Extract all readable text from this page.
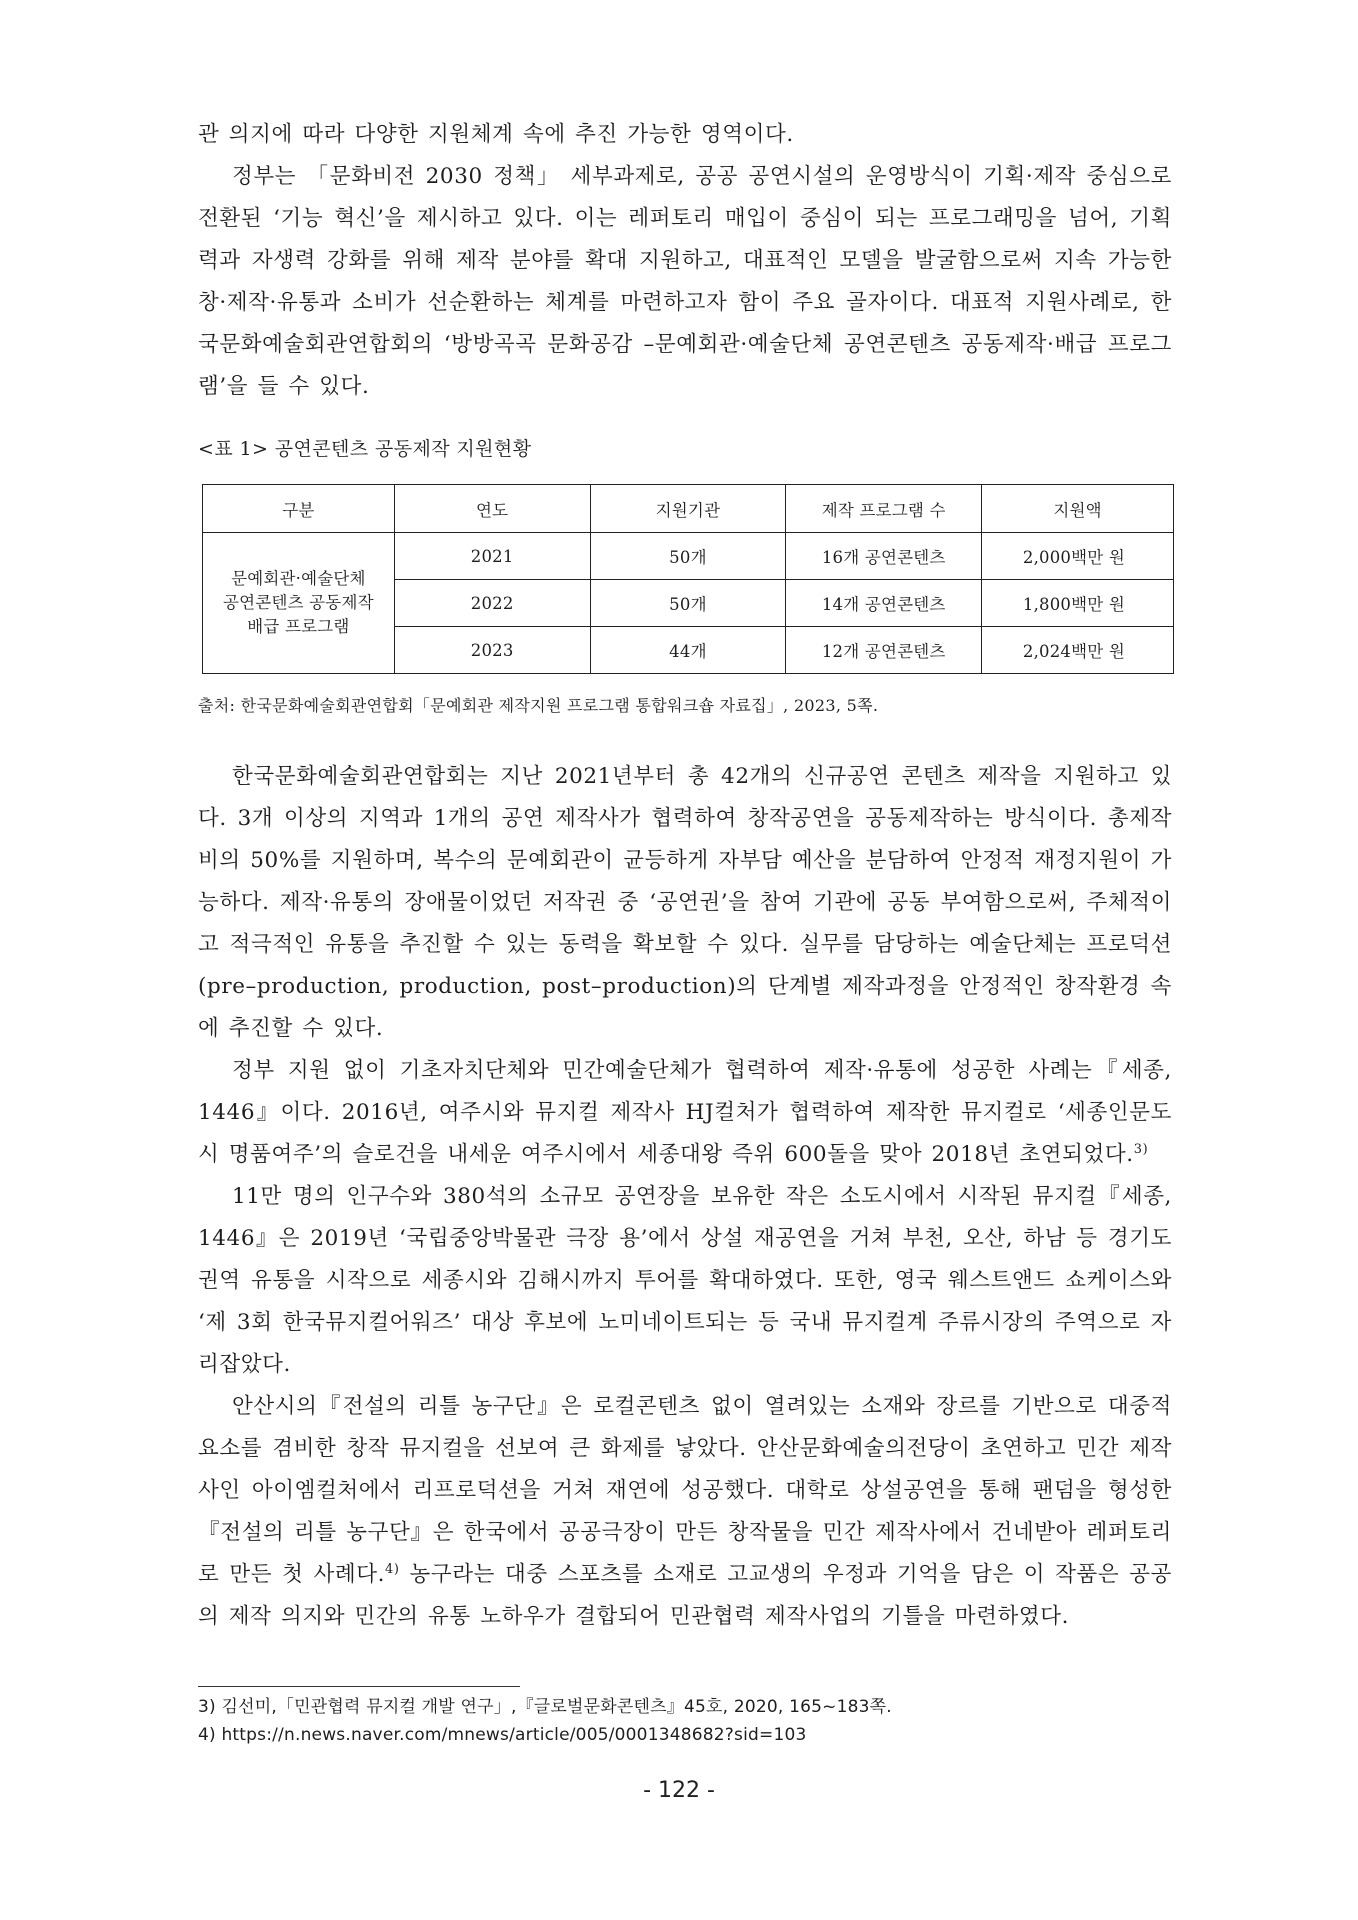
관 의지에 따라 다양한 지원체계 속에 추진 가능한 영역이다.

정부는 「문화비전 2030 정책」 세부과제로, 공공 공연시설의 운영방식이 기획·제작 중심으로 전환된 ‘기능 혁신’을 제시하고 있다. 이는 레퍼토리 매입이 중심이 되는 프로그래밍을 넘어, 기획력과 자생력 강화를 위해 제작 분야를 확대 지원하고, 대표적인 모델을 발굴함으로써 지속 가능한 창·제작·유통과 소비가 선순환하는 체계를 마련하고자 함이 주요 골자이다. 대표적 지원사례로, 한국문화예술회관연합회의 ‘방방곡곡 문화공감 –문예회관·예술단체 공연콘텐츠 공동제작·배급 프로그램’을 들 수 있다.

<표 1> 공연콘텐츠 공동제작 지원현황

구분	연도	지원기관	제작 프로그램 수	지원액

문예회관·예술단체
공연콘텐츠 공동제작
배급 프로그램	2021	50개	16개 공연콘텐츠	2,000백만 원
	2022	50개	14개 공연콘텐츠	1,800백만 원
	2023	44개	12개 공연콘텐츠	2,024백만 원

출처: 한국문화예술회관연합회「문예회관 제작지원 프로그램 통합워크숍 자료집」, 2023, 5쪽.

한국문화예술회관연합회는 지난 2021년부터 총 42개의 신규공연 콘텐츠 제작을 지원하고 있다. 3개 이상의 지역과 1개의 공연 제작사가 협력하여 창작공연을 공동제작하는 방식이다. 총제작비의 50%를 지원하며, 복수의 문예회관이 균등하게 자부담 예산을 분담하여 안정적 재정지원이 가능하다. 제작·유통의 장애물이었던 저작권 중 ‘공연권’을 참여 기관에 공동 부여함으로써, 주체적이고 적극적인 유통을 추진할 수 있는 동력을 확보할 수 있다. 실무를 담당하는 예술단체는 프로덕션(pre–production, production, post–production)의 단계별 제작과정을 안정적인 창작환경 속에 추진할 수 있다.

정부 지원 없이 기초자치단체와 민간예술단체가 협력하여 제작·유통에 성공한 사례는『세종, 1446』이다. 2016년, 여주시와 뮤지컬 제작사 HJ컬처가 협력하여 제작한 뮤지컬로 ‘세종인문도시 명품여주’의 슬로건을 내세운 여주시에서 세종대왕 즉위 600돌을 맞아 2018년 초연되었다.$^{3)}$

11만 명의 인구수와 380석의 소규모 공연장을 보유한 작은 소도시에서 시작된 뮤지컬『세종, 1446』은 2019년 ‘국립중앙박물관 극장 용’에서 상설 재공연을 거쳐 부천, 오산, 하남 등 경기도 권역 유통을 시작으로 세종시와 김해시까지 투어를 확대하였다. 또한, 영국 웨스트앤드 쇼케이스와 ‘제 3회 한국뮤지컬어워즈’ 대상 후보에 노미네이트되는 등 국내 뮤지컬계 주류시장의 주역으로 자리잡았다.

안산시의『전설의 리틀 농구단』은 로컬콘텐츠 없이 열려있는 소재와 장르를 기반으로 대중적 요소를 겸비한 창작 뮤지컬을 선보여 큰 화제를 낳았다. 안산문화예술의전당이 초연하고 민간 제작사인 아이엠컬처에서 리프로덕션을 거쳐 재연에 성공했다. 대학로 상설공연을 통해 팬덤을 형성한『전설의 리틀 농구단』은 한국에서 공공극장이 만든 창작물을 민간 제작사에서 건네받아 레퍼토리로 만든 첫 사례다.$^{4)}$ 농구라는 대중 스포츠를 소재로 고교생의 우정과 기억을 담은 이 작품은 공공의 제작 의지와 민간의 유통 노하우가 결합되어 민관협력 제작사업의 기틀을 마련하였다.

3) 김선미,「민관협력 뮤지컬 개발 연구」,『글로벌문화콘텐츠』45호, 2020, 165~183쪽.

4) https://n.news.naver.com/mnews/article/005/0001348682?sid=103

- 122 -
